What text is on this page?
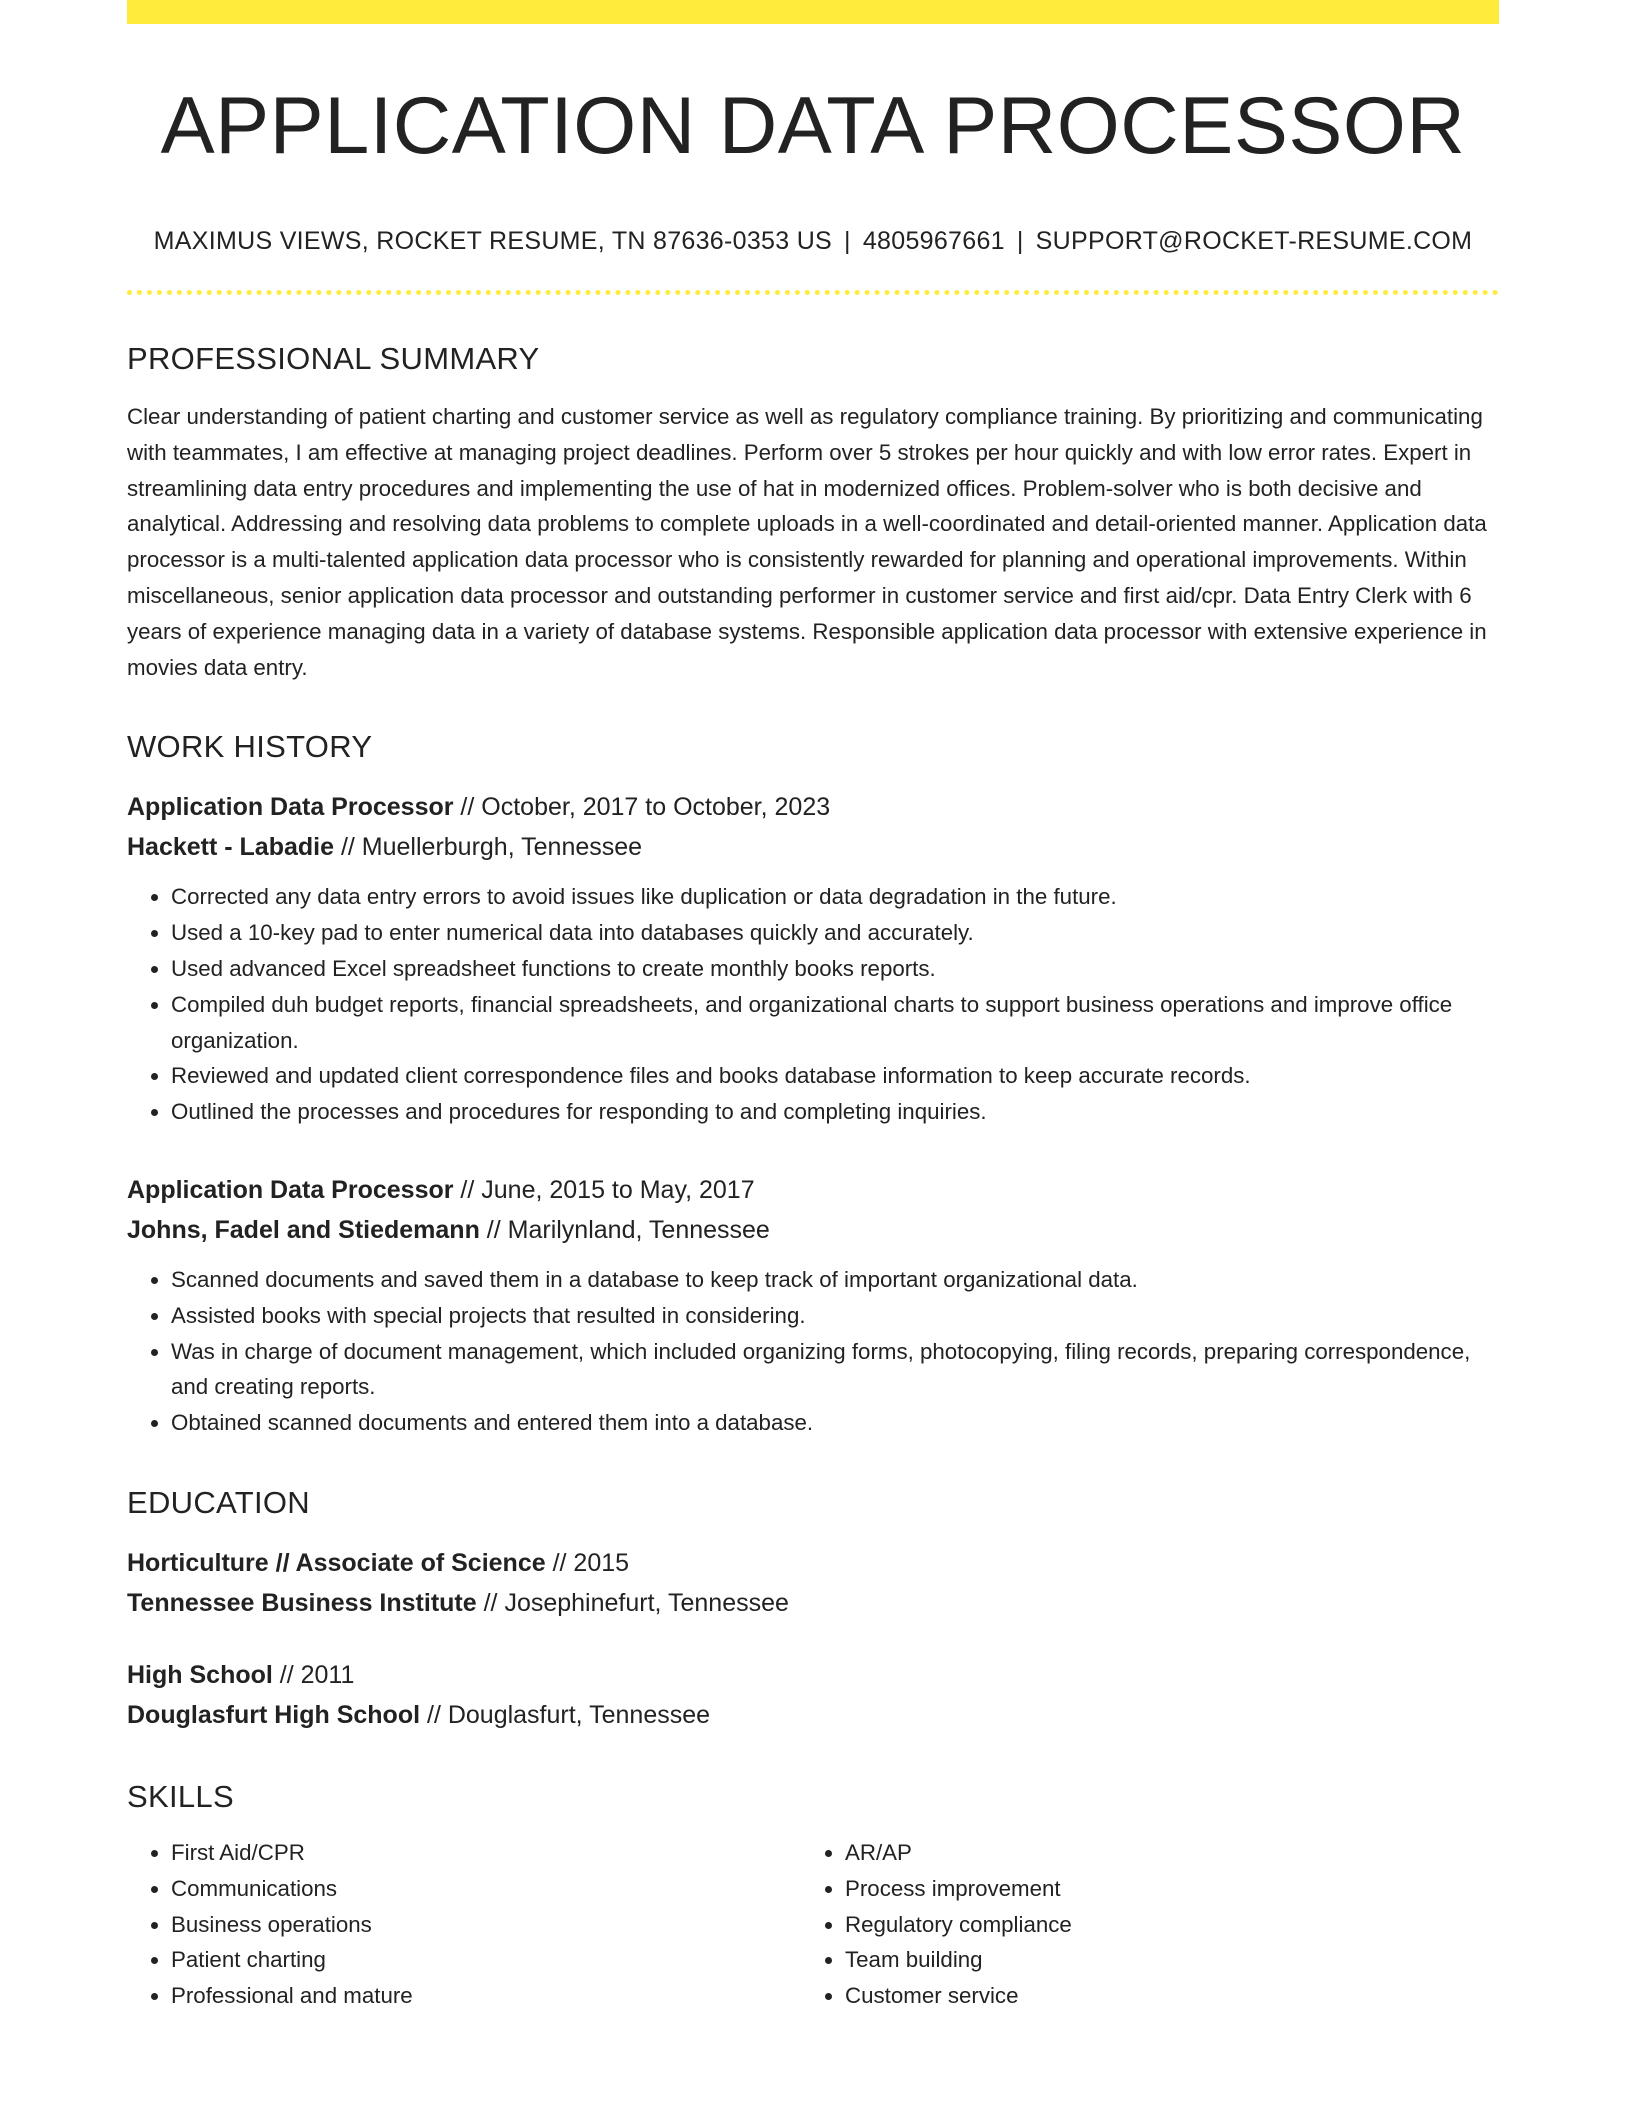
APPLICATION DATA PROCESSOR
MAXIMUS VIEWS, ROCKET RESUME, TN 87636-0353 US | 4805967661 | SUPPORT@ROCKET-RESUME.COM
PROFESSIONAL SUMMARY
Clear understanding of patient charting and customer service as well as regulatory compliance training. By prioritizing and communicating with teammates, I am effective at managing project deadlines. Perform over 5 strokes per hour quickly and with low error rates. Expert in streamlining data entry procedures and implementing the use of hat in modernized offices. Problem-solver who is both decisive and analytical. Addressing and resolving data problems to complete uploads in a well-coordinated and detail-oriented manner. Application data processor is a multi-talented application data processor who is consistently rewarded for planning and operational improvements. Within miscellaneous, senior application data processor and outstanding performer in customer service and first aid/cpr. Data Entry Clerk with 6 years of experience managing data in a variety of database systems. Responsible application data processor with extensive experience in movies data entry.
WORK HISTORY
Application Data Processor // October, 2017 to October, 2023
Hackett - Labadie // Muellerburgh, Tennessee
• Corrected any data entry errors to avoid issues like duplication or data degradation in the future.
• Used a 10-key pad to enter numerical data into databases quickly and accurately.
• Used advanced Excel spreadsheet functions to create monthly books reports.
• Compiled duh budget reports, financial spreadsheets, and organizational charts to support business operations and improve office organization.
• Reviewed and updated client correspondence files and books database information to keep accurate records.
• Outlined the processes and procedures for responding to and completing inquiries.
Application Data Processor // June, 2015 to May, 2017
Johns, Fadel and Stiedemann // Marilynland, Tennessee
• Scanned documents and saved them in a database to keep track of important organizational data.
• Assisted books with special projects that resulted in considering.
• Was in charge of document management, which included organizing forms, photocopying, filing records, preparing correspondence, and creating reports.
• Obtained scanned documents and entered them into a database.
EDUCATION
Horticulture // Associate of Science // 2015
Tennessee Business Institute // Josephinefurt, Tennessee
High School // 2011
Douglasfurt High School // Douglasfurt, Tennessee
SKILLS
• First Aid/CPR
• Communications
• Business operations
• Patient charting
• Professional and mature
• AR/AP
• Process improvement
• Regulatory compliance
• Team building
• Customer service
